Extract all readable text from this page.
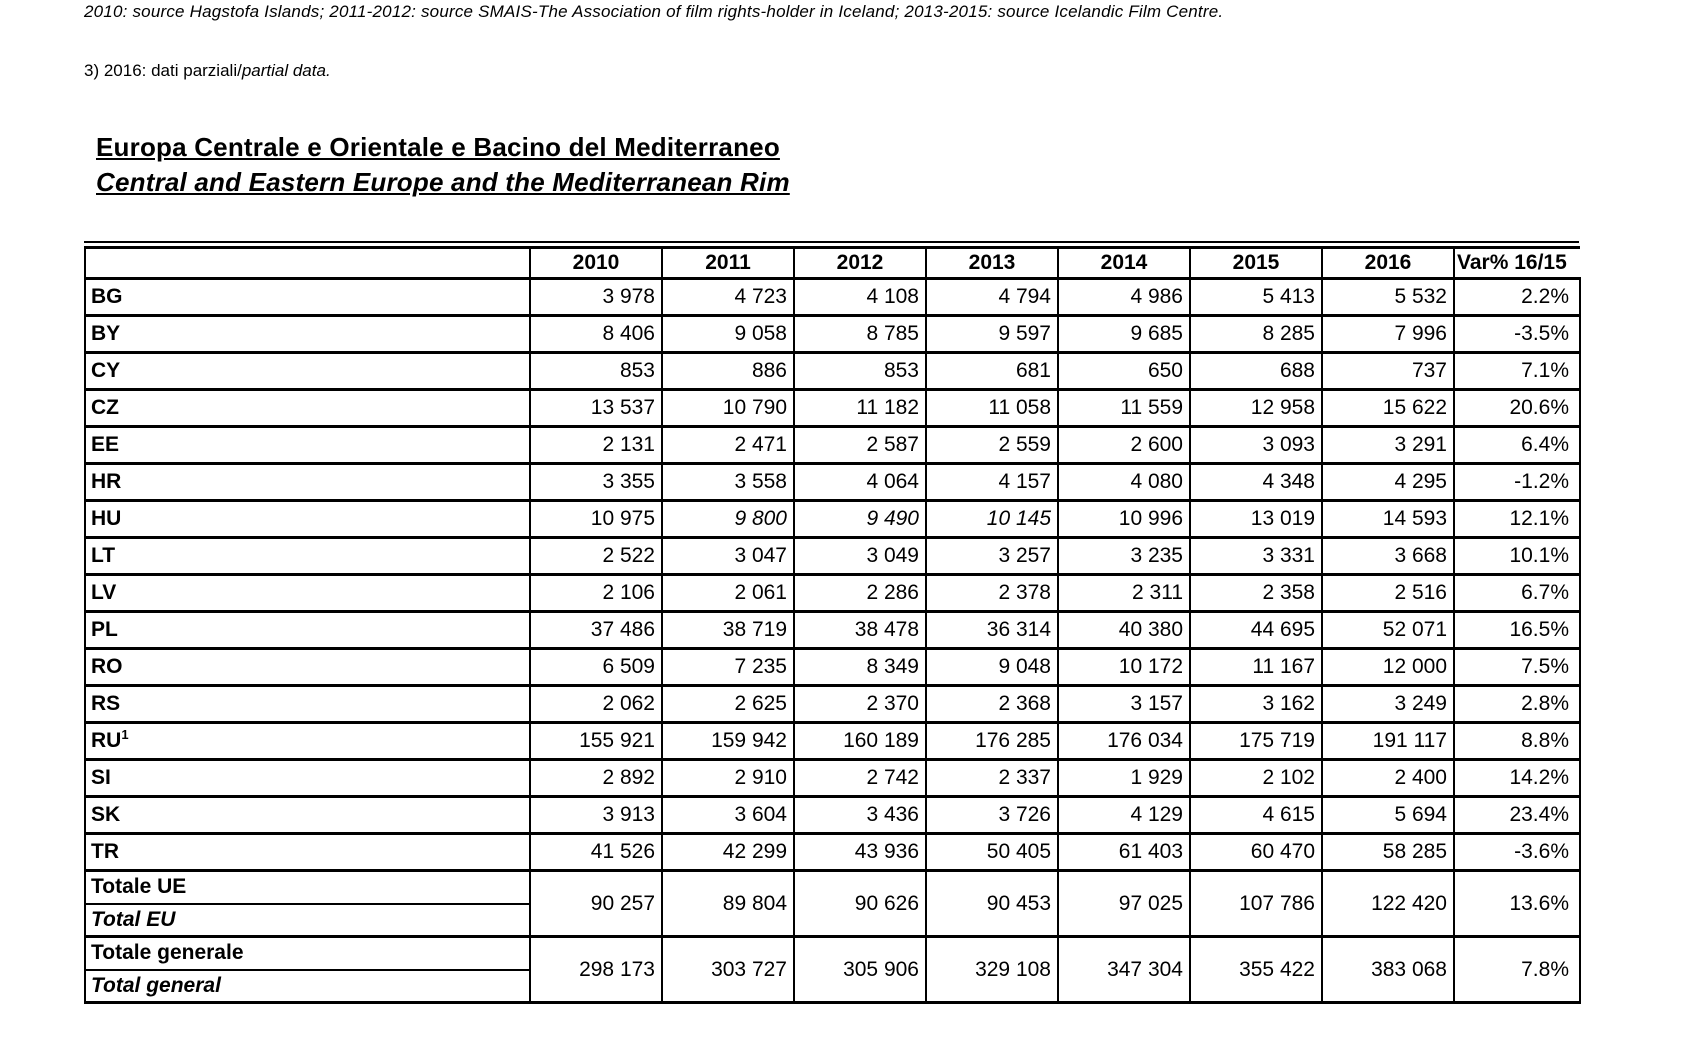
2010: source Hagstofa Islands; 2011-2012: source SMAIS-The Association of film rights-holder in Iceland; 2013-2015: source Icelandic Film Centre.

3) 2016: dati parziali/partial data.

Europa Centrale e Orientale e Bacino del Mediterraneo

Central and Eastern Europe and the Mediterranean Rim

	2010	2011	2012	2013	2014	2015	2016	Var% 16/15
BG	3 978	4 723	4 108	4 794	4 986	5 413	5 532	2.2%
BY	8 406	9 058	8 785	9 597	9 685	8 285	7 996	-3.5%
CY	853	886	853	681	650	688	737	7.1%
CZ	13 537	10 790	11 182	11 058	11 559	12 958	15 622	20.6%
EE	2 131	2 471	2 587	2 559	2 600	3 093	3 291	6.4%
HR	3 355	3 558	4 064	4 157	4 080	4 348	4 295	-1.2%
HU	10 975	9 800	9 490	10 145	10 996	13 019	14 593	12.1%
LT	2 522	3 047	3 049	3 257	3 235	3 331	3 668	10.1%
LV	2 106	2 061	2 286	2 378	2 311	2 358	2 516	6.7%
PL	37 486	38 719	38 478	36 314	40 380	44 695	52 071	16.5%
RO	6 509	7 235	8 349	9 048	10 172	11 167	12 000	7.5%
RS	2 062	2 625	2 370	2 368	3 157	3 162	3 249	2.8%
$RU^1$	155 921	159 942	160 189	176 285	176 034	175 719	191 117	8.8%
SI	2 892	2 910	2 742	2 337	1 929	2 102	2 400	14.2%
SK	3 913	3 604	3 436	3 726	4 129	4 615	5 694	23.4%
TR	41 526	42 299	43 936	50 405	61 403	60 470	58 285	-3.6%
Totale UE	90 257	89 804	90 626	90 453	97 025	107 786	122 420	13.6%
Total EU								
Totale generale	298 173	303 727	305 906	329 108	347 304	355 422	383 068	7.8%
Total general								
